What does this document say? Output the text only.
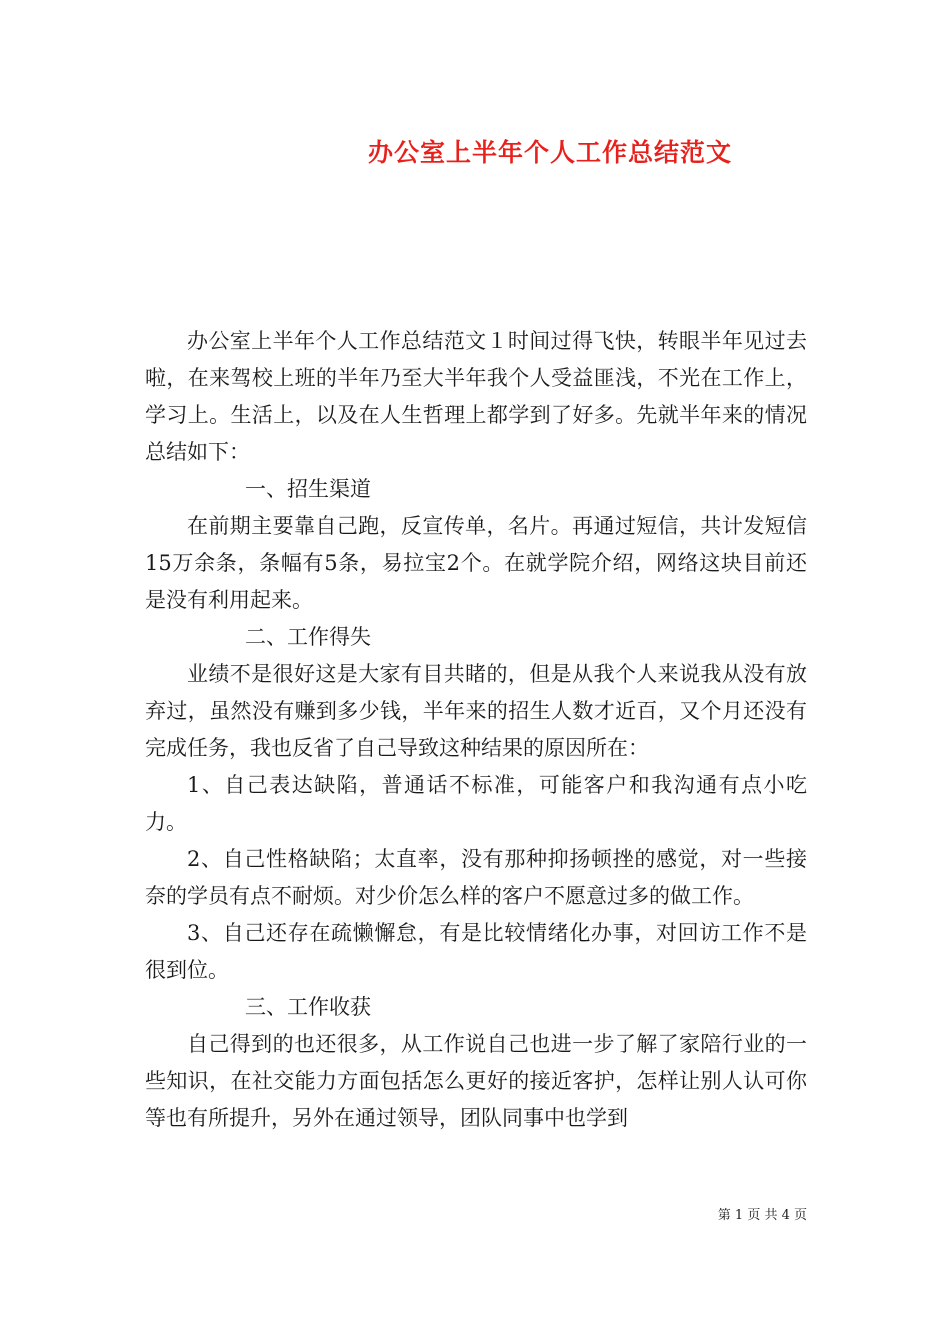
办公室上半年个人工作总结范文

办公室上半年个人工作总结范文１时间过得飞快，转眼半年见过去啦，在来驾校上班的半年乃至大半年我个人受益匪浅，不光在工作上，学习上。生活上，以及在人生哲理上都学到了好多。先就半年来的情况总结如下：

一、招生渠道

在前期主要靠自己跑，反宣传单，名片。再通过短信，共计发短信15万余条，条幅有5条，易拉宝2个。在就学院介绍，网络这块目前还是没有利用起来。

二、工作得失

业绩不是很好这是大家有目共睹的，但是从我个人来说我从没有放弃过，虽然没有赚到多少钱，半年来的招生人数才近百，又个月还没有完成任务，我也反省了自己导致这种结果的原因所在：

1、自己表达缺陷，普通话不标准，可能客户和我沟通有点小吃力。

2、自己性格缺陷；太直率，没有那种抑扬顿挫的感觉，对一些接奈的学员有点不耐烦。对少价怎么样的客户不愿意过多的做工作。

3、自己还存在疏懒懈怠，有是比较情绪化办事，对回访工作不是很到位。

三、工作收获

自己得到的也还很多，从工作说自己也进一步了解了家陪行业的一些知识，在社交能力方面包括怎么更好的接近客护，怎样让别人认可你等也有所提升，另外在通过领导，团队同事中也学到

第 1 页 共 4 页
